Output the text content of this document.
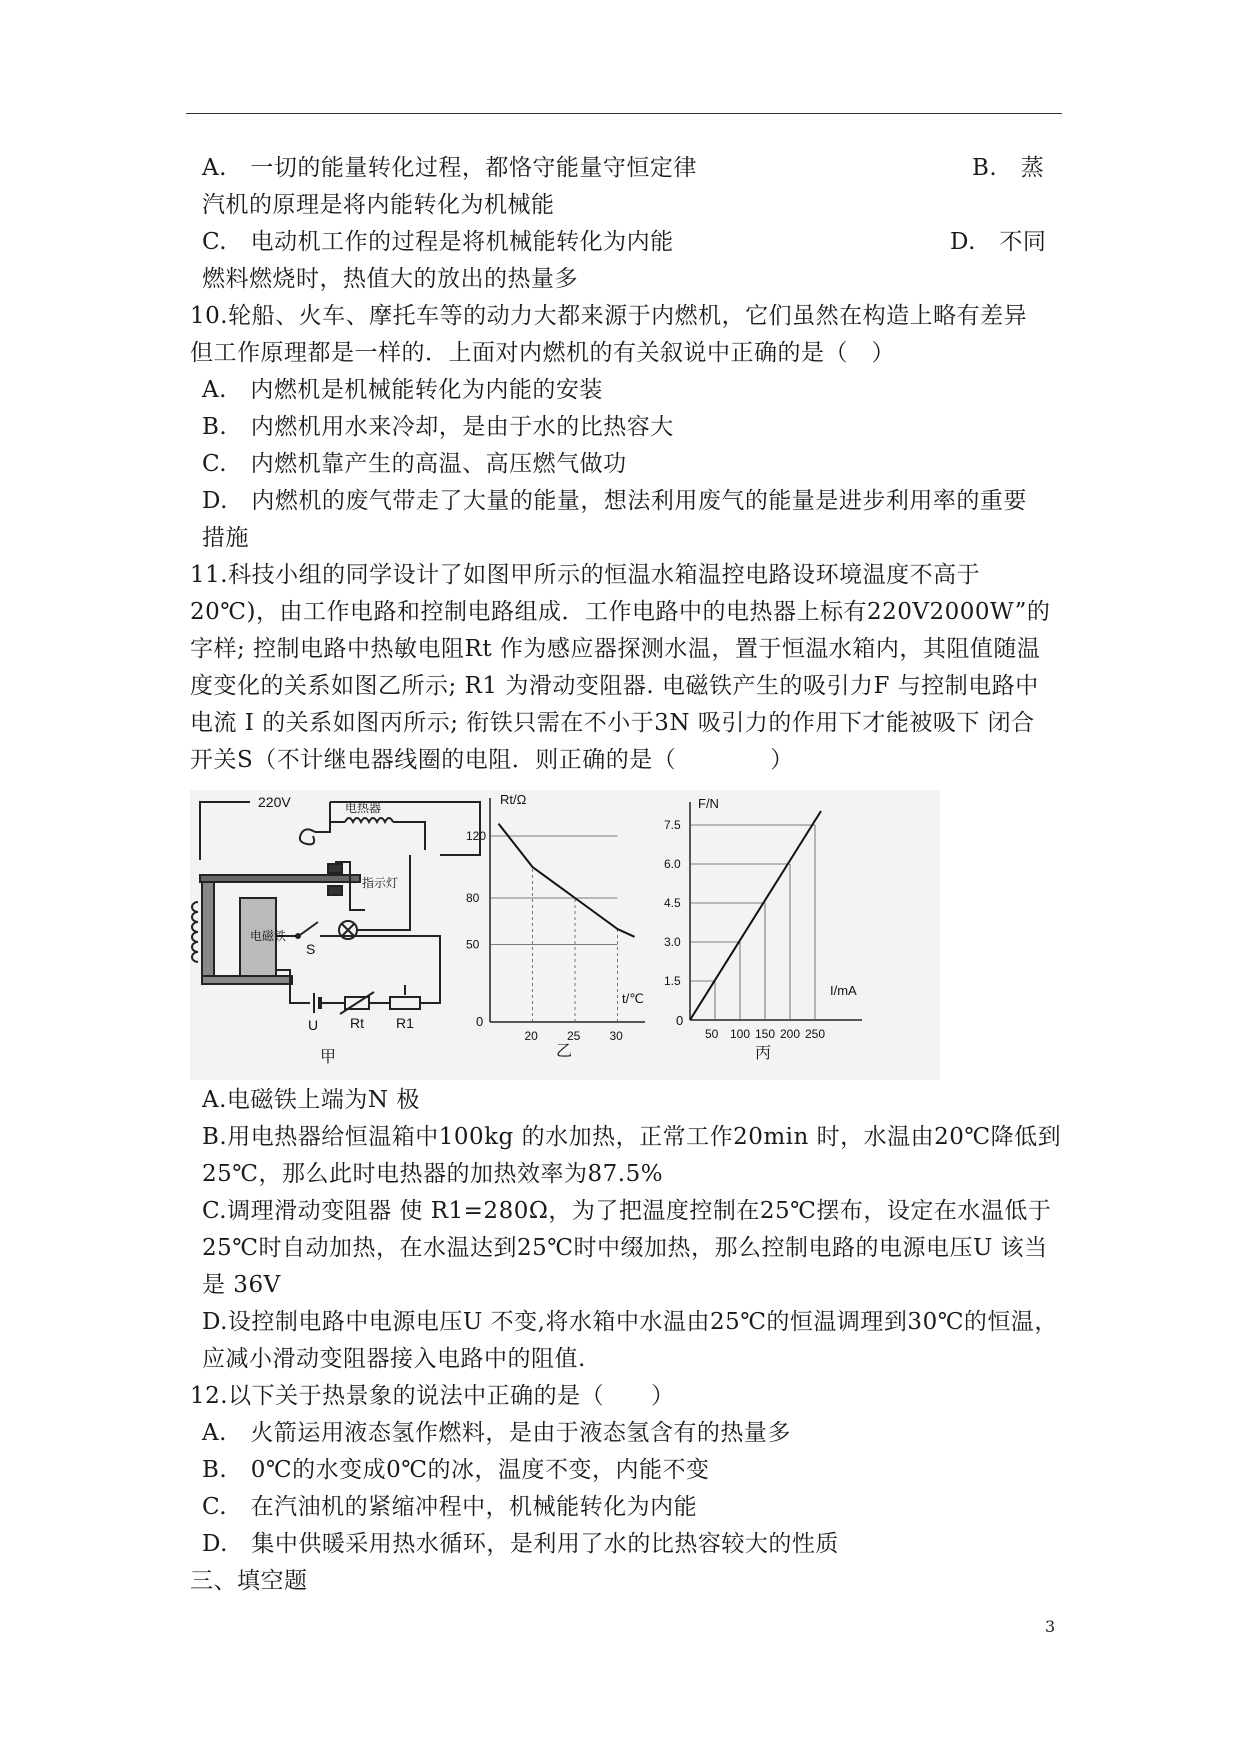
A.　一切的能量转化过程，都恪守能量守恒定律	B.　蒸
汽机的原理是将内能转化为机械能
C.　电动机工作的过程是将机械能转化为内能	D.　不同
燃料燃烧时，热值大的放出的热量多
10.轮船、火车、摩托车等的动力大都来源于内燃机，它们虽然在构造上略有差异
但工作原理都是一样的．上面对内燃机的有关叙说中正确的是（　）
A.　内燃机是机械能转化为内能的安装
B.　内燃机用水来冷却，是由于水的比热容大
C.　内燃机靠产生的高温、高压燃气做功
D.　内燃机的废气带走了大量的能量，想法利用废气的能量是进步利用率的重要
措施
11.科技小组的同学设计了如图甲所示的恒温水箱温控电路设环境温度不高于
20℃)，由工作电路和控制电路组成．工作电路中的电热器上标有220V2000W”的
字样; 控制电路中热敏电阻Rt 作为感应器探测水温，置于恒温水箱内，其阻值随温
度变化的关系如图乙所示; R1 为滑动变阻器. 电磁铁产生的吸引力F 与控制电路中
电流 I 的关系如图丙所示; 衔铁只需在不小于3N 吸引力的作用下才能被吸下 闭合
开关S（不计继电器线圈的电阻．则正确的是（　　　　）
220V	电热器
指示灯
电磁铁
S
U Rt R1
甲
50
80
120
20 25 30
Rt/Ω
t/℃
0
乙
1.5
3.0
4.5
6.0
7.5
50 100 150 200 250
F/N
I/mA
0
丙
A.电磁铁上端为N 极
B.用电热器给恒温箱中100kg 的水加热，正常工作20min 时，水温由20℃降低到
25℃，那么此时电热器的加热效率为87.5%
C.调理滑动变阻器 使 R1=280Ω，为了把温度控制在25℃摆布，设定在水温低于
25℃时自动加热，在水温达到25℃时中缀加热，那么控制电路的电源电压U 该当
是 36V
D.设控制电路中电源电压U 不变,将水箱中水温由25℃的恒温调理到30℃的恒温，
应减小滑动变阻器接入电路中的阻值.
12.以下关于热景象的说法中正确的是（　　）
A.　火箭运用液态氢作燃料，是由于液态氢含有的热量多
B.　0℃的水变成0℃的冰，温度不变，内能不变
C.　在汽油机的紧缩冲程中，机械能转化为内能
D.　集中供暖采用热水循环，是利用了水的比热容较大的性质
三、填空题
3
